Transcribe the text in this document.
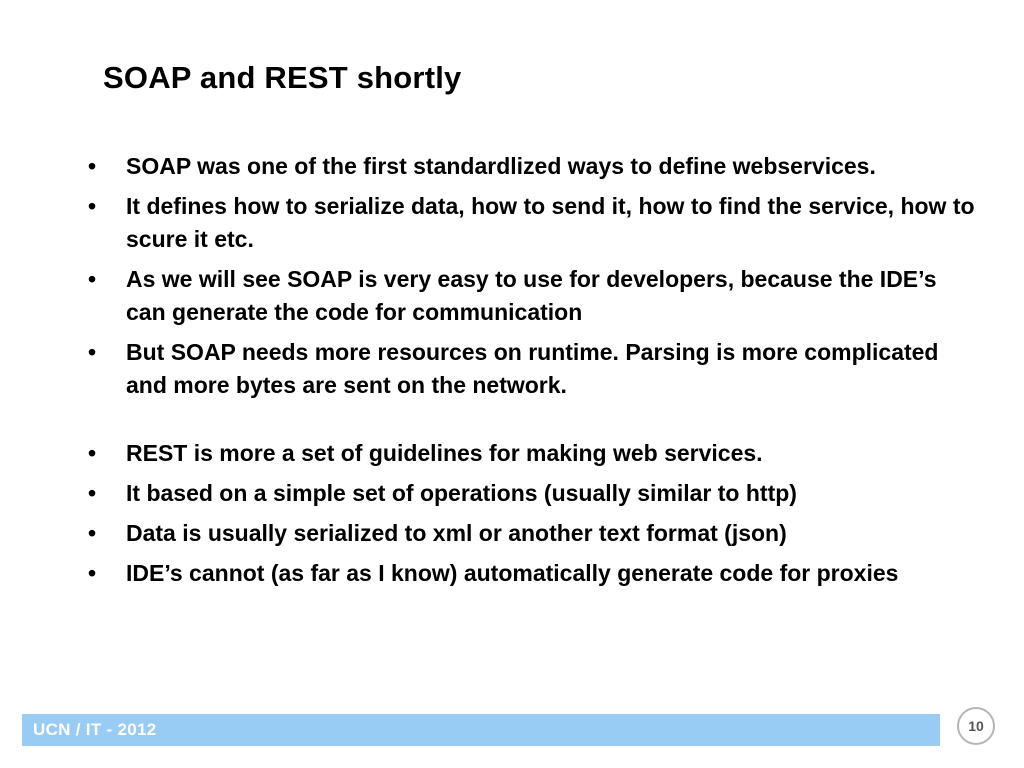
SOAP and REST shortly
•	SOAP was one of the first standardlized ways to define webservices.
•	It defines how to serialize data, how to send it, how to find the service, how to scure it etc.
•	As we will see SOAP is very easy to use for developers, because the IDE’s can generate the code for communication
•	But SOAP needs more resources on runtime. Parsing is more complicated and more bytes are sent on the network.
•	REST is more a set of guidelines for making web services.
•	It based on a simple set of operations (usually similar to http)
•	Data is usually serialized to xml or another text format (json)
•	IDE’s cannot (as far as I know) automatically generate code for proxies
UCN / IT - 2012	10
